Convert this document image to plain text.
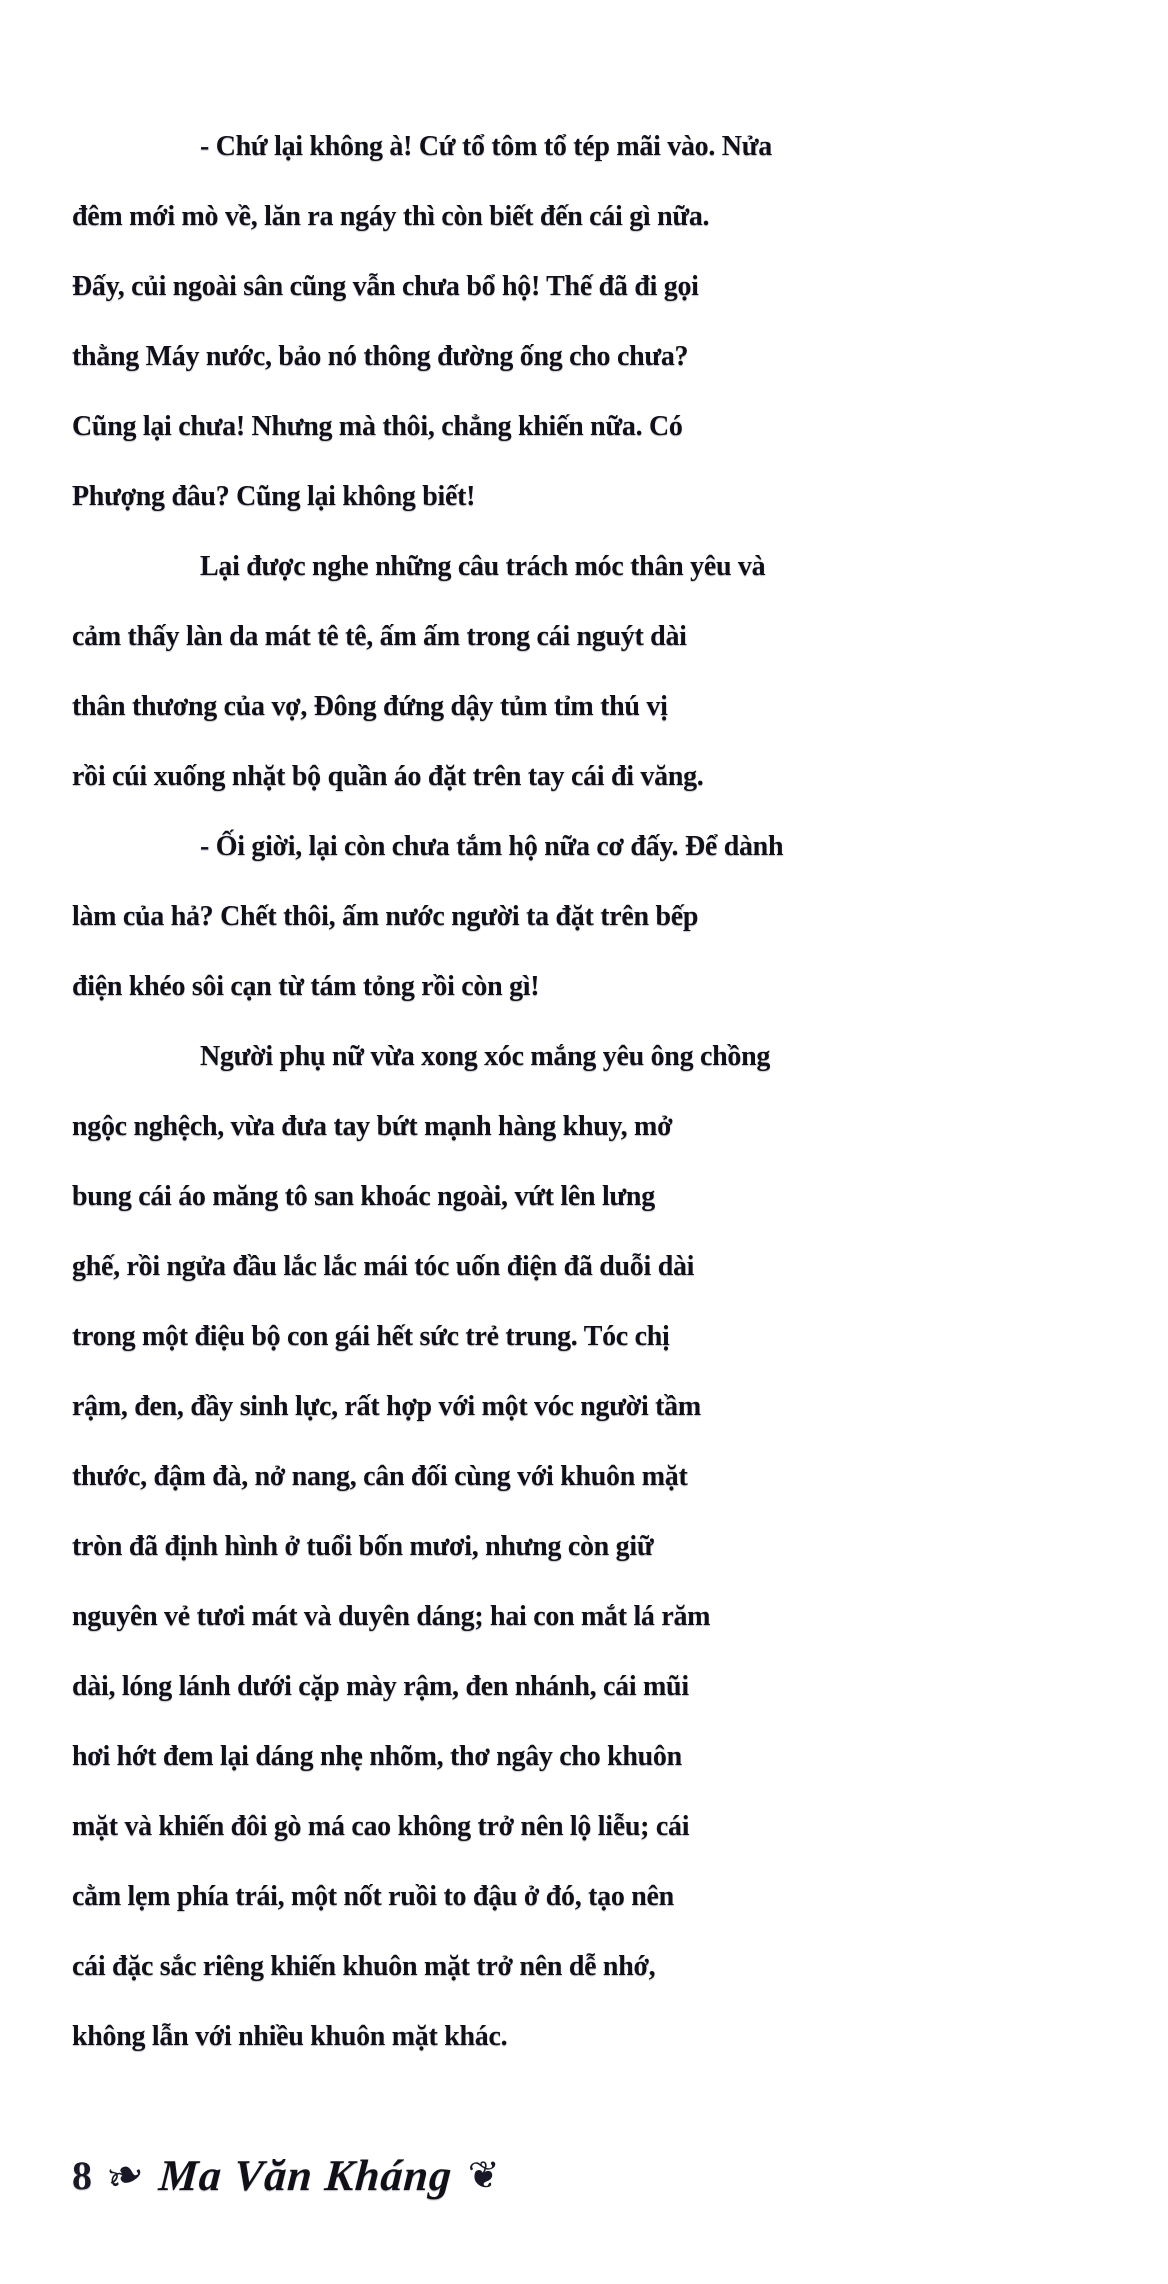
- Chứ lại không à! Cứ tổ tôm tổ tép mãi vào. Nửa
đêm mới mò về, lăn ra ngáy thì còn biết đến cái gì nữa.
Đấy, củi ngoài sân cũng vẫn chưa bổ hộ! Thế đã đi gọi
thằng Máy nước, bảo nó thông đường ống cho chưa?
Cũng lại chưa! Nhưng mà thôi, chẳng khiến nữa. Có
Phượng đâu? Cũng lại không biết!
Lại được nghe những câu trách móc thân yêu và
cảm thấy làn da mát tê tê, ấm ấm trong cái nguýt dài
thân thương của vợ, Đông đứng dậy tủm tỉm thú vị
rồi cúi xuống nhặt bộ quần áo đặt trên tay cái đi văng.
- Ối giời, lại còn chưa tắm hộ nữa cơ đấy. Để dành
làm của hả? Chết thôi, ấm nước người ta đặt trên bếp
điện khéo sôi cạn từ tám tỏng rồi còn gì!
Người phụ nữ vừa xong xóc mắng yêu ông chồng
ngộc nghệch, vừa đưa tay bứt mạnh hàng khuy, mở
bung cái áo măng tô san khoác ngoài, vứt lên lưng
ghế, rồi ngửa đầu lắc lắc mái tóc uốn điện đã duỗi dài
trong một điệu bộ con gái hết sức trẻ trung. Tóc chị
rậm, đen, đầy sinh lực, rất hợp với một vóc người tầm
thước, đậm đà, nở nang, cân đối cùng với khuôn mặt
tròn đã định hình ở tuổi bốn mươi, nhưng còn giữ
nguyên vẻ tươi mát và duyên dáng; hai con mắt lá răm
dài, lóng lánh dưới cặp mày rậm, đen nhánh, cái mũi
hơi hớt đem lại dáng nhẹ nhõm, thơ ngây cho khuôn
mặt và khiến đôi gò má cao không trở nên lộ liễu; cái
cằm lẹm phía trái, một nốt ruồi to đậu ở đó, tạo nên
cái đặc sắc riêng khiến khuôn mặt trở nên dễ nhớ,
không lẫn với nhiều khuôn mặt khác.
8 ❧ Ma Văn Kháng ❦
